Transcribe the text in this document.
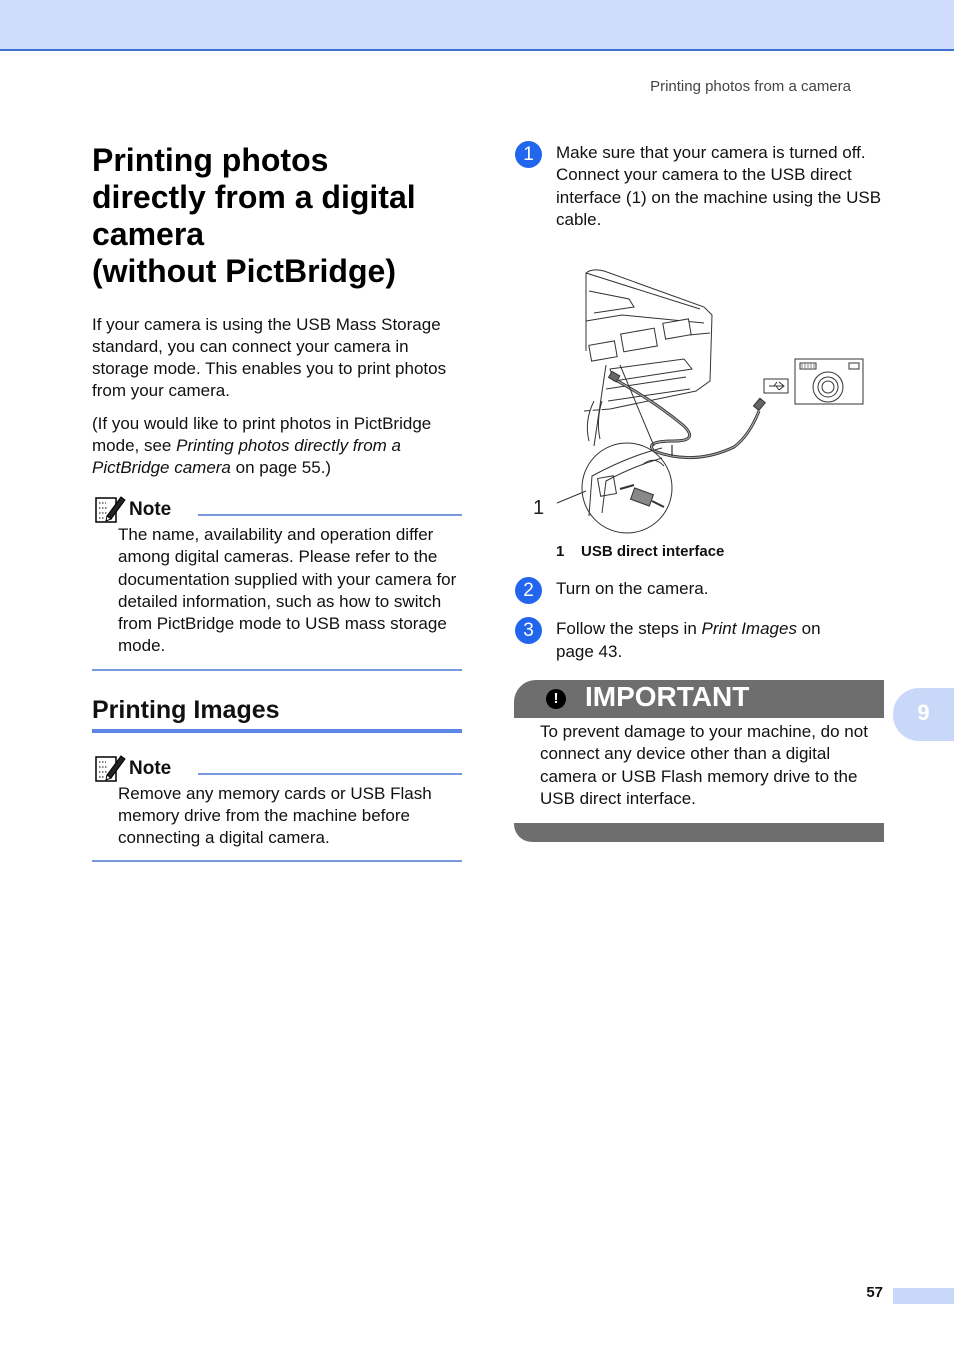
Printing photos from a camera
Printing photos
directly from a digital
camera
(without PictBridge)

If your camera is using the USB Mass Storage standard, you can connect your camera in storage mode. This enables you to print photos from your camera.

(If you would like to print photos in PictBridge mode, see Printing photos directly from a PictBridge camera on page 55.)

Note
The name, availability and operation differ among digital cameras. Please refer to the documentation supplied with your camera for detailed information, such as how to switch from PictBridge mode to USB mass storage mode.
Printing Images
Note
Remove any memory cards or USB Flash memory drive from the machine before connecting a digital camera.
1	Make sure that your camera is turned off. Connect your camera to the USB direct interface (1) on the machine using the USB cable.
1
1 USB direct interface
2	Turn on the camera.
3	Follow the steps in Print Images on page 43.
! IMPORTANT
To prevent damage to your machine, do not connect any device other than a digital camera or USB Flash memory drive to the USB direct interface.
9
57
